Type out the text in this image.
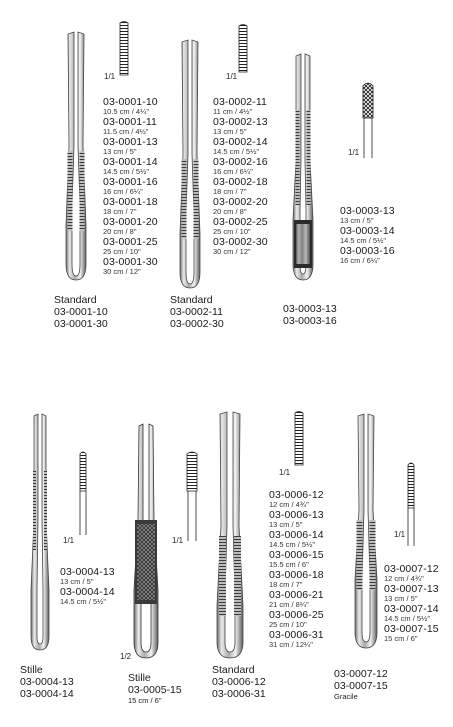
1/1
03-0001-10
10.5 cm / 4¼"
03-0001-11
11.5 cm / 4½"
03-0001-13
13 cm / 5"
03-0001-14
14.5 cm / 5½"
03-0001-16
16 cm / 6¼"
03-0001-18
18 cm / 7"
03-0001-20
20 cm / 8"
03-0001-25
25 cm / 10"
03-0001-30
30 cm / 12"
Standard
03-0001-10
03-0001-30
1/1
03-0002-11
11 cm / 4½"
03-0002-13
13 cm / 5"
03-0002-14
14.5 cm / 5½"
03-0002-16
16 cm / 6¼"
03-0002-18
18 cm / 7"
03-0002-20
20 cm / 8"
03-0002-25
25 cm / 10"
03-0002-30
30 cm / 12"
Standard
03-0002-11
03-0002-30
1/1
03-0003-13
13 cm / 5"
03-0003-14
14.5 cm / 5½"
03-0003-16
16 cm / 6¼"
03-0003-13
03-0003-16
1/1
03-0004-13
13 cm / 5"
03-0004-14
14.5 cm / 5½"
Stille
03-0004-13
03-0004-14
1/1
1/2
Stille
03-0005-15
15 cm / 6"
1/1
03-0006-12
12 cm / 4¾"
03-0006-13
13 cm / 5"
03-0006-14
14.5 cm / 5½"
03-0006-15
15.5 cm / 6"
03-0006-18
18 cm / 7"
03-0006-21
21 cm / 8¼"
03-0006-25
25 cm / 10"
03-0006-31
31 cm / 12¼"
Standard
03-0006-12
03-0006-31
1/1
03-0007-12
12 cm / 4¾"
03-0007-13
13 cm / 5"
03-0007-14
14.5 cm / 5½"
03-0007-15
15 cm / 6"
03-0007-12
03-0007-15
Gracile
